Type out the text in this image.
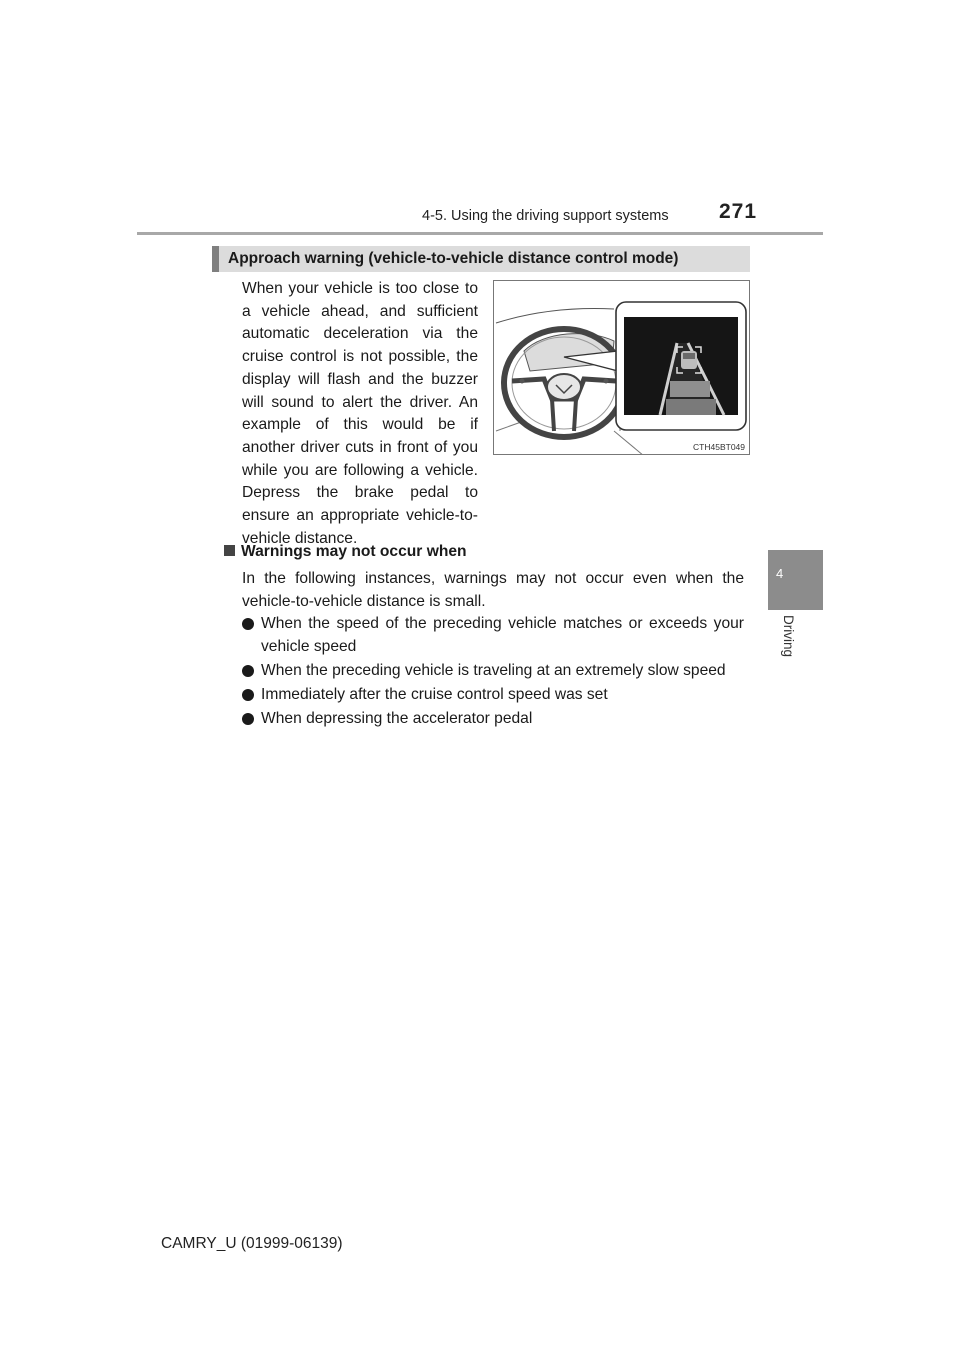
4-5. Using the driving support systems 271
4
Driving
Approach warning (vehicle-to-vehicle distance control mode)
When your vehicle is too close to a vehicle ahead, and sufficient automatic deceleration via the cruise control is not possible, the display will flash and the buzzer will sound to alert the driver. An example of this would be if another driver cuts in front of you while you are following a vehicle. Depress the brake pedal to ensure an appropriate vehicle-to-vehicle distance.
CTH45BT049
Warnings may not occur when
In the following instances, warnings may not occur even when the vehicle-to-vehicle distance is small.
When the speed of the preceding vehicle matches or exceeds your vehicle speed
When the preceding vehicle is traveling at an extremely slow speed
Immediately after the cruise control speed was set
When depressing the accelerator pedal
CAMRY_U (01999-06139)
